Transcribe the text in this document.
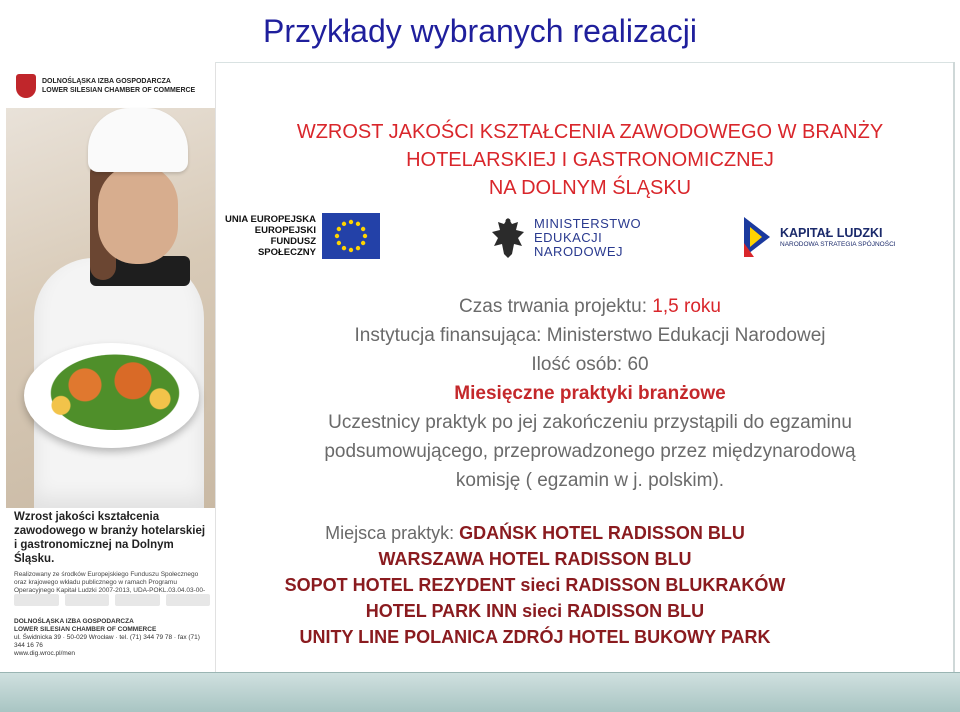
Przykłady wybranych realizacji
DOLNOŚLĄSKA IZBA GOSPODARCZA
LOWER SILESIAN CHAMBER OF COMMERCE
Wzrost jakości kształcenia zawodowego w branży hotelarskiej i gastronomicznej na Dolnym Śląsku.
Realizowany ze środków Europejskiego Funduszu Społecznego oraz krajowego wkładu publicznego w ramach Programu Operacyjnego Kapitał Ludzki 2007-2013, UDA-POKL.03.04.03-00-
DOLNOŚLĄSKA IZBA GOSPODARCZA
LOWER SILESIAN CHAMBER OF COMMERCE
ul. Świdnicka 39 · 50-029 Wrocław · tel. (71) 344 79 78 · fax (71) 344 16 76
www.dig.wroc.pl/men
WZROST JAKOŚCI KSZTAŁCENIA ZAWODOWEGO W BRANŻY
HOTELARSKIEJ I GASTRONOMICZNEJ
NA DOLNYM ŚLĄSKU
UNIA EUROPEJSKA
EUROPEJSKI
FUNDUSZ SPOŁECZNY
MINISTERSTWO
EDUKACJI
NARODOWEJ
KAPITAŁ LUDZKI
NARODOWA STRATEGIA SPÓJNOŚCI
Czas trwania projektu: 1,5 roku
Instytucja finansująca: Ministerstwo Edukacji Narodowej
Ilość osób: 60
Miesięczne praktyki branżowe
Uczestnicy praktyk po jej zakończeniu przystąpili do egzaminu
podsumowującego, przeprowadzonego przez międzynarodową
komisję ( egzamin w j. polskim).
Miejsca praktyk: GDAŃSK HOTEL RADISSON BLU
WARSZAWA HOTEL RADISSON BLU
SOPOT HOTEL REZYDENT sieci RADISSON BLUKRAKÓW
HOTEL PARK INN sieci RADISSON BLU
UNITY LINE POLANICA ZDRÓJ HOTEL BUKOWY PARK
